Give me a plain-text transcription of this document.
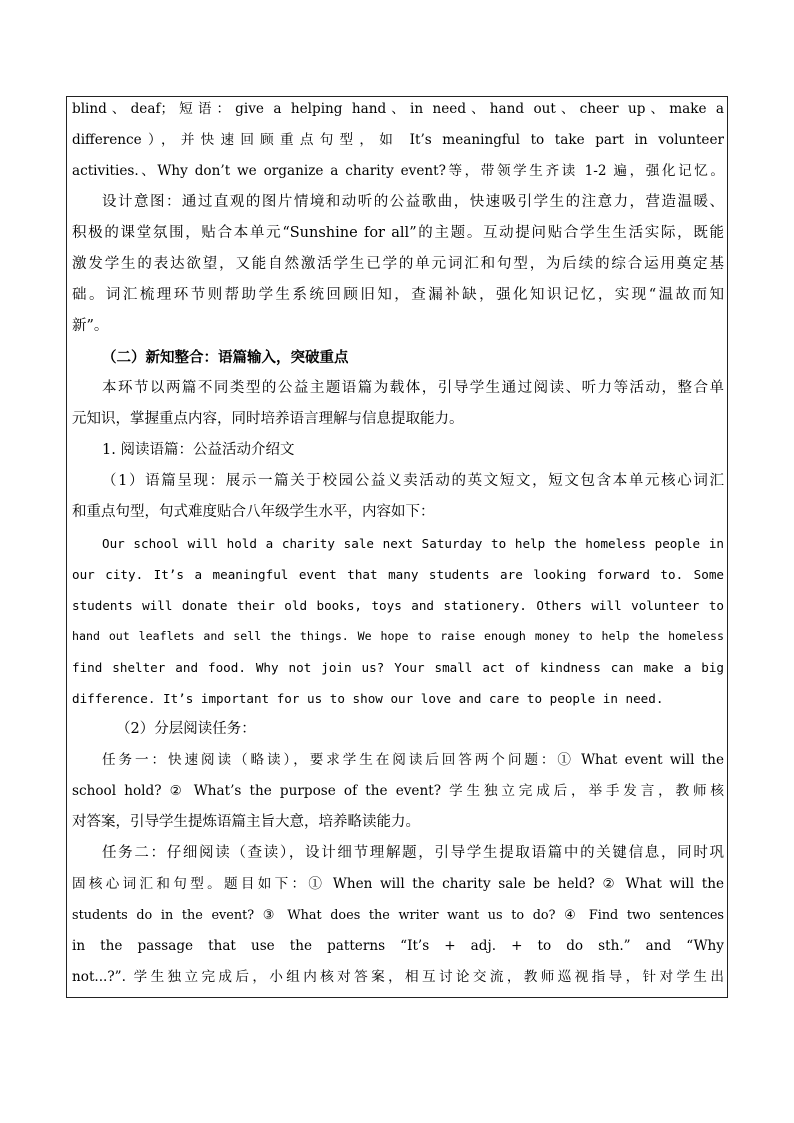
blind、deaf；短语：give a helping hand、in need、hand out、cheer up、make a
difference），并快速回顾重点句型，如 It’s meaningful to take part in volunteer
activities.、Why don’t we organize a charity event?等，带领学生齐读 1-2 遍，强化记忆。
设计意图：通过直观的图片情境和动听的公益歌曲，快速吸引学生的注意力，营造温暖、
积极的课堂氛围，贴合本单元“Sunshine for all”的主题。互动提问贴合学生生活实际，既能
激发学生的表达欲望，又能自然激活学生已学的单元词汇和句型，为后续的综合运用奠定基
础。词汇梳理环节则帮助学生系统回顾旧知，查漏补缺，强化知识记忆，实现“温故而知
新”。
（二）新知整合：语篇输入，突破重点
本环节以两篇不同类型的公益主题语篇为载体，引导学生通过阅读、听力等活动，整合单
元知识，掌握重点内容，同时培养语言理解与信息提取能力。
1. 阅读语篇：公益活动介绍文
（1）语篇呈现：展示一篇关于校园公益义卖活动的英文短文，短文包含本单元核心词汇
和重点句型，句式难度贴合八年级学生水平，内容如下：
Our school will hold a charity sale next Saturday to help the homeless people in
our city. It’s a meaningful event that many students are looking forward to. Some
students will donate their old books, toys and stationery. Others will volunteer to
hand out leaflets and sell the things. We hope to raise enough money to help the homeless
find shelter and food. Why not join us? Your small act of kindness can make a big
difference. It’s important for us to show our love and care to people in need.
（2）分层阅读任务：
任务一：快速阅读（略读），要求学生在阅读后回答两个问题：① What event will the
school hold? ② What’s the purpose of the event? 学生独立完成后，举手发言，教师核
对答案，引导学生提炼语篇主旨大意，培养略读能力。
任务二：仔细阅读（查读），设计细节理解题，引导学生提取语篇中的关键信息，同时巩
固核心词汇和句型。题目如下：① When will the charity sale be held? ② What will the
students do in the event? ③ What does the writer want us to do? ④ Find two sentences
in the passage that use the patterns “It’s + adj. + to do sth.” and “Why
not...?”. 学生独立完成后，小组内核对答案，相互讨论交流，教师巡视指导，针对学生出
